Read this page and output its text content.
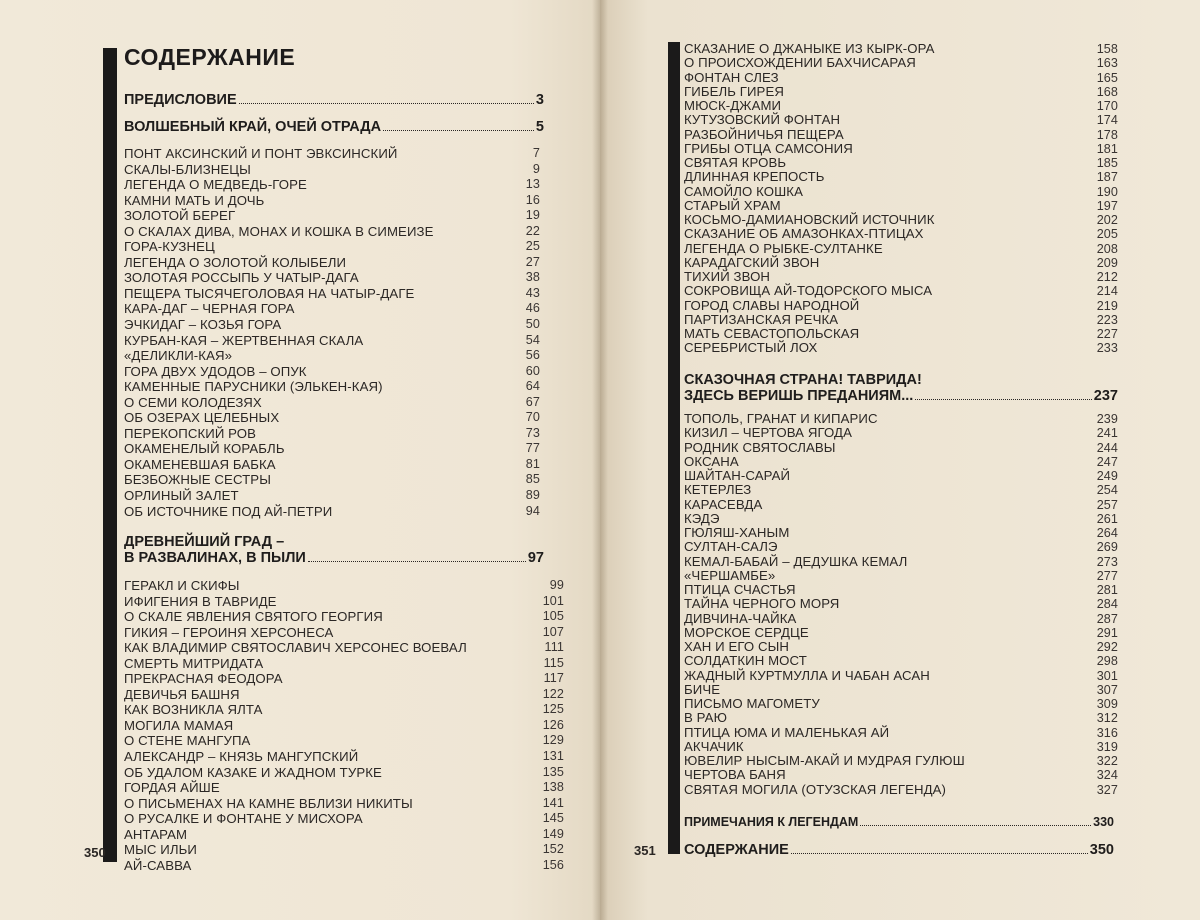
СОДЕРЖАНИЕ
ПРЕДИСЛОВИЕ	3
ВОЛШЕБНЫЙ КРАЙ, ОЧЕЙ ОТРАДА	5
ПОНТ АКСИНСКИЙ И ПОНТ ЭВКСИНСКИЙ	7
СКАЛЫ-БЛИЗНЕЦЫ	9
ЛЕГЕНДА О МЕДВЕДЬ-ГОРЕ	13
КАМНИ МАТЬ И ДОЧЬ	16
ЗОЛОТОЙ БЕРЕГ	19
О СКАЛАХ ДИВА, МОНАХ И КОШКА В СИМЕИЗЕ	22
ГОРА-КУЗНЕЦ	25
ЛЕГЕНДА О ЗОЛОТОЙ КОЛЫБЕЛИ	27
ЗОЛОТАЯ РОССЫПЬ У ЧАТЫР-ДАГА	38
ПЕЩЕРА ТЫСЯЧЕГОЛОВАЯ НА ЧАТЫР-ДАГЕ	43
КАРА-ДАГ – ЧЕРНАЯ ГОРА	46
ЭЧКИДАГ – КОЗЬЯ ГОРА	50
КУРБАН-КАЯ – ЖЕРТВЕННАЯ СКАЛА	54
«ДЕЛИКЛИ-КАЯ»	56
ГОРА ДВУХ УДОДОВ – ОПУК	60
КАМЕННЫЕ ПАРУСНИКИ (ЭЛЬКЕН-КАЯ)	64
О СЕМИ КОЛОДЕЗЯХ	67
ОБ ОЗЕРАХ ЦЕЛЕБНЫХ	70
ПЕРЕКОПСКИЙ РОВ	73
ОКАМЕНЕЛЫЙ КОРАБЛЬ	77
ОКАМЕНЕВШАЯ БАБКА	81
БЕЗБОЖНЫЕ СЕСТРЫ	85
ОРЛИНЫЙ ЗАЛЕТ	89
ОБ ИСТОЧНИКЕ ПОД АЙ-ПЕТРИ	94
ДРЕВНЕЙШИЙ ГРАД –
В РАЗВАЛИНАХ, В ПЫЛИ	97
ГЕРАКЛ И СКИФЫ	99
ИФИГЕНИЯ В ТАВРИДЕ	101
О СКАЛЕ ЯВЛЕНИЯ СВЯТОГО ГЕОРГИЯ	105
ГИКИЯ – ГЕРОИНЯ ХЕРСОНЕСА	107
КАК ВЛАДИМИР СВЯТОСЛАВИЧ ХЕРСОНЕС ВОЕВАЛ	111
СМЕРТЬ МИТРИДАТА	115
ПРЕКРАСНАЯ ФЕОДОРА	117
ДЕВИЧЬЯ БАШНЯ	122
КАК ВОЗНИКЛА ЯЛТА	125
МОГИЛА МАМАЯ	126
О СТЕНЕ МАНГУПА	129
АЛЕКСАНДР – КНЯЗЬ МАНГУПСКИЙ	131
ОБ УДАЛОМ КАЗАКЕ И ЖАДНОМ ТУРКЕ	135
ГОРДАЯ АЙШЕ	138
О ПИСЬМЕНАХ НА КАМНЕ ВБЛИЗИ НИКИТЫ	141
О РУСАЛКЕ И ФОНТАНЕ У МИСХОРА	145
АНТАРАМ	149
МЫС ИЛЬИ	152
АЙ-САВВА	156
350
СКАЗАНИЕ О ДЖАНЫКЕ ИЗ КЫРК-ОРА	158
О ПРОИСХОЖДЕНИИ БАХЧИСАРАЯ	163
ФОНТАН СЛЕЗ	165
ГИБЕЛЬ ГИРЕЯ	168
МЮСК-ДЖАМИ	170
КУТУЗОВСКИЙ ФОНТАН	174
РАЗБОЙНИЧЬЯ ПЕЩЕРА	178
ГРИБЫ ОТЦА САМСОНИЯ	181
СВЯТАЯ КРОВЬ	185
ДЛИННАЯ КРЕПОСТЬ	187
САМОЙЛО КОШКА	190
СТАРЫЙ ХРАМ	197
КОСЬМО-ДАМИАНОВСКИЙ ИСТОЧНИК	202
СКАЗАНИЕ ОБ АМАЗОНКАХ-ПТИЦАХ	205
ЛЕГЕНДА О РЫБКЕ-СУЛТАНКЕ	208
КАРАДАГСКИЙ ЗВОН	209
ТИХИЙ ЗВОН	212
СОКРОВИЩА АЙ-ТОДОРСКОГО МЫСА	214
ГОРОД СЛАВЫ НАРОДНОЙ	219
ПАРТИЗАНСКАЯ РЕЧКА	223
МАТЬ СЕВАСТОПОЛЬСКАЯ	227
СЕРЕБРИСТЫЙ ЛОХ	233
СКАЗОЧНАЯ СТРАНА! ТАВРИДА!
ЗДЕСЬ ВЕРИШЬ ПРЕДАНИЯМ...	237
ТОПОЛЬ, ГРАНАТ И КИПАРИС	239
КИЗИЛ – ЧЕРТОВА ЯГОДА	241
РОДНИК СВЯТОСЛАВЫ	244
ОКСАНА	247
ШАЙТАН-САРАЙ	249
КЕТЕРЛЕЗ	254
КАРАСЕВДА	257
КЭДЭ	261
ГЮЛЯШ-ХАНЫМ	264
СУЛТАН-САЛЭ	269
КЕМАЛ-БАБАЙ – ДЕДУШКА КЕМАЛ	273
«ЧЕРШАМБЕ»	277
ПТИЦА СЧАСТЬЯ	281
ТАЙНА ЧЕРНОГО МОРЯ	284
ДИВЧИНА-ЧАЙКА	287
МОРСКОЕ СЕРДЦЕ	291
ХАН И ЕГО СЫН	292
СОЛДАТКИН МОСТ	298
ЖАДНЫЙ КУРТМУЛЛА И ЧАБАН АСАН	301
БИЧЕ	307
ПИСЬМО МАГОМЕТУ	309
В РАЮ	312
ПТИЦА ЮМА И МАЛЕНЬКАЯ АЙ	316
АКЧАЧИК	319
ЮВЕЛИР НЫСЫМ-АКАЙ И МУДРАЯ ГУЛЮШ	322
ЧЕРТОВА БАНЯ	324
СВЯТАЯ МОГИЛА (ОТУЗСКАЯ ЛЕГЕНДА)	327
ПРИМЕЧАНИЯ К ЛЕГЕНДАМ	330
СОДЕРЖАНИЕ	350
351
